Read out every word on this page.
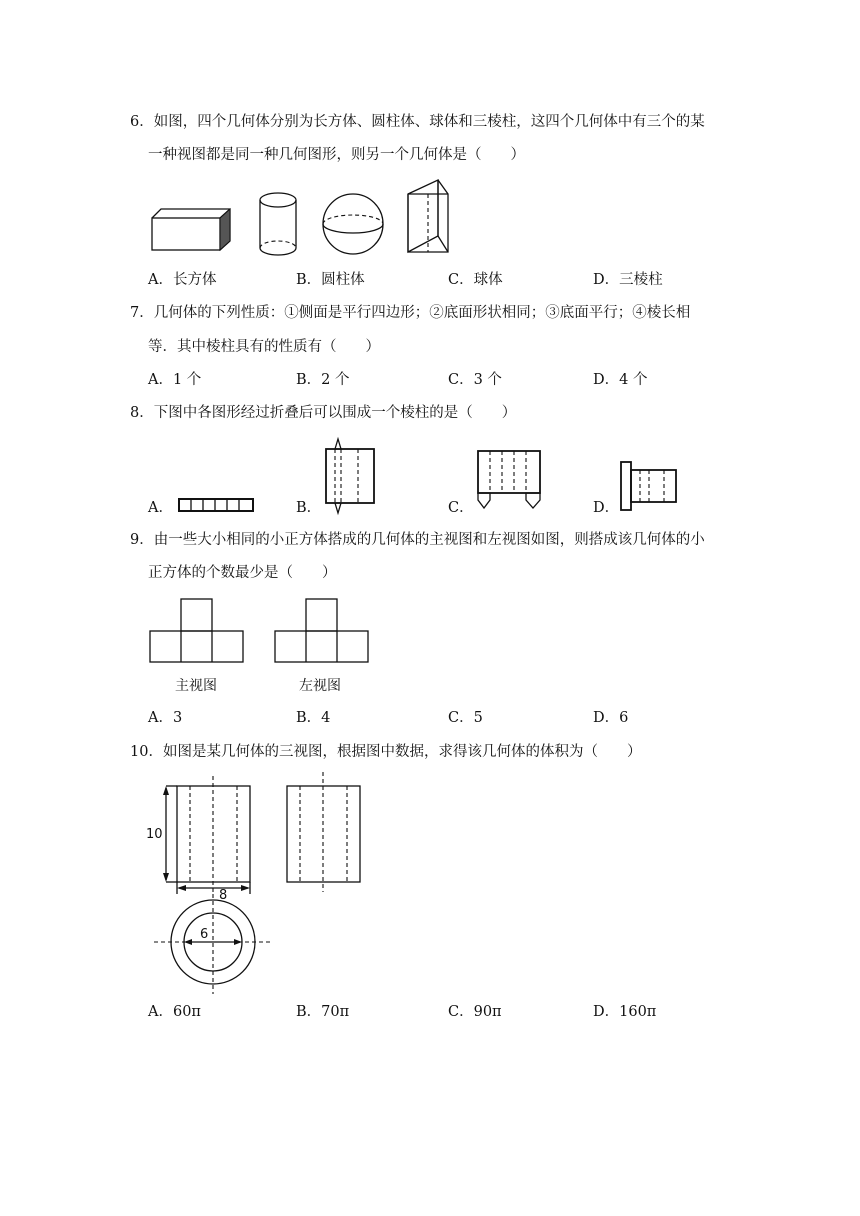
6．如图，四个几何体分别为长方体、圆柱体、球体和三棱柱，这四个几何体中有三个的某
一种视图都是同一种几何图形，则另一个几何体是（　　）
A．长方体	B．圆柱体	C．球体	D．三棱柱
7．几何体的下列性质：①侧面是平行四边形；②底面形状相同；③底面平行；④棱长相
等．其中棱柱具有的性质有（　　）
A．1 个	B．2 个	C．3 个	D．4 个
8．下图中各图形经过折叠后可以围成一个棱柱的是（　　）
A．	B．	C．	D．
9．由一些大小相同的小正方体搭成的几何体的主视图和左视图如图，则搭成该几何体的小
正方体的个数最少是（　　）
主视图	左视图
A．3	B．4	C．5	D．6
10．如图是某几何体的三视图，根据图中数据，求得该几何体的体积为（　　）
10
8
6
A．60π	B．70π	C．90π	D．160π
